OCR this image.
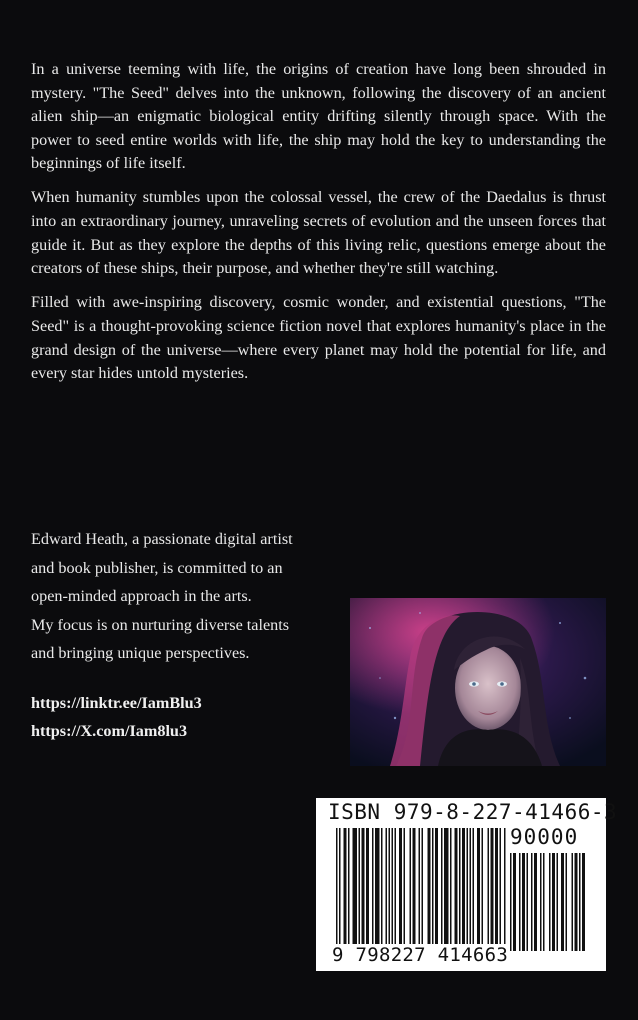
In a universe teeming with life, the origins of creation have long been shrouded in mystery. "The Seed" delves into the unknown, following the discovery of an ancient alien ship—an enigmatic biological entity drifting silently through space. With the power to seed entire worlds with life, the ship may hold the key to understanding the beginnings of life itself.

When humanity stumbles upon the colossal vessel, the crew of the Daedalus is thrust into an extraordinary journey, unraveling secrets of evolution and the unseen forces that guide it. But as they explore the depths of this living relic, questions emerge about the creators of these ships, their purpose, and whether they're still watching.

Filled with awe-inspiring discovery, cosmic wonder, and existential questions, "The Seed" is a thought-provoking science fiction novel that explores humanity's place in the grand design of the universe—where every planet may hold the potential for life, and every star hides untold mysteries.

Edward Heath, a passionate digital artist

and book publisher, is committed to an

open-minded approach in the arts.

My focus is on nurturing diverse talents

and bringing unique perspectives.

https://linktr.ee/IamBlu3
https://X.com/Iam8lu3
ISBN 979-8-227-41466-3
90000
9 798227 414663
